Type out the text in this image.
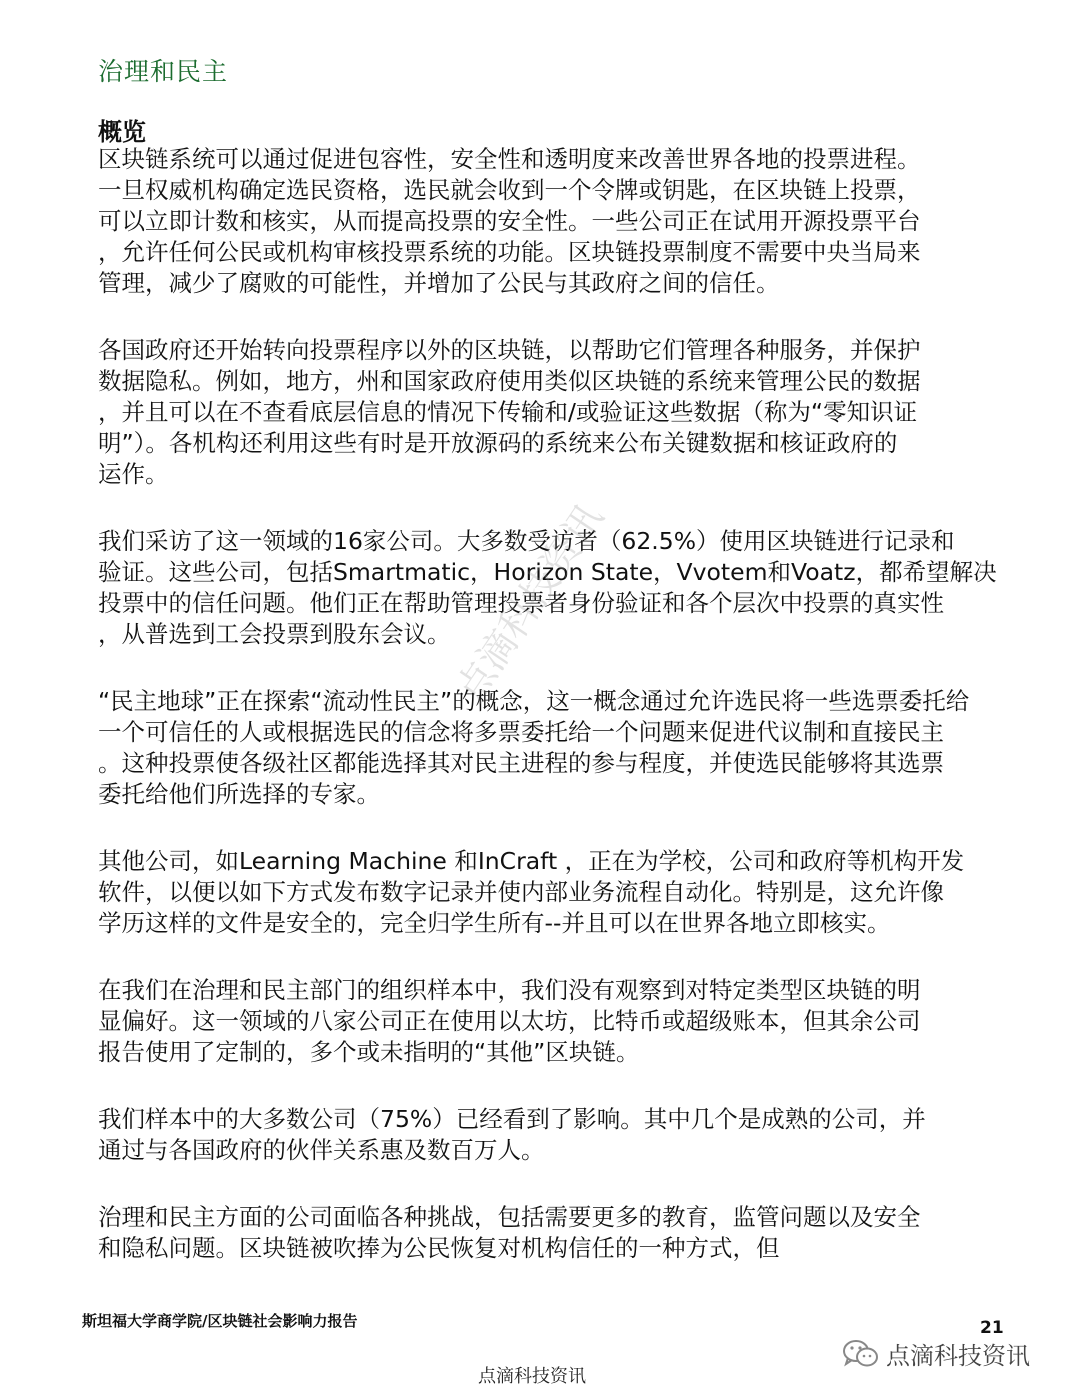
治理和民主
概览

区块链系统可以通过促进包容性，安全性和透明度来改善世界各地的投票进程。
一旦权威机构确定选民资格，选民就会收到一个令牌或钥匙，在区块链上投票，
可以立即计数和核实，从而提高投票的安全性。一些公司正在试用开源投票平台
，允许任何公民或机构审核投票系统的功能。区块链投票制度不需要中央当局来
管理，减少了腐败的可能性，并增加了公民与其政府之间的信任。

各国政府还开始转向投票程序以外的区块链，以帮助它们管理各种服务，并保护
数据隐私。例如，地方，州和国家政府使用类似区块链的系统来管理公民的数据
，并且可以在不查看底层信息的情况下传输和/或验证这些数据（称为“零知识证
明”）。各机构还利用这些有时是开放源码的系统来公布关键数据和核证政府的
运作。

我们采访了这一领域的16家公司。大多数受访者（62.5%）使用区块链进行记录和
验证。这些公司，包括Smartmatic，Horizon State，Vvotem和Voatz，都希望解决
投票中的信任问题。他们正在帮助管理投票者身份验证和各个层次中投票的真实性
，从普选到工会投票到股东会议。

“民主地球”正在探索“流动性民主”的概念，这一概念通过允许选民将一些选票委托给
一个可信任的人或根据选民的信念将多票委托给一个问题来促进代议制和直接民主
。这种投票使各级社区都能选择其对民主进程的参与程度，并使选民能够将其选票
委托给他们所选择的专家。

其他公司，如Learning Machine 和InCraft ，正在为学校，公司和政府等机构开发
软件，以便以如下方式发布数字记录并使内部业务流程自动化。特别是，这允许像
学历这样的文件是安全的，完全归学生所有--并且可以在世界各地立即核实。

在我们在治理和民主部门的组织样本中，我们没有观察到对特定类型区块链的明
显偏好。这一领域的八家公司正在使用以太坊，比特币或超级账本，但其余公司
报告使用了定制的，多个或未指明的“其他”区块链。

我们样本中的大多数公司（75%）已经看到了影响。其中几个是成熟的公司，并
通过与各国政府的伙伴关系惠及数百万人。

治理和民主方面的公司面临各种挑战，包括需要更多的教育，监管问题以及安全
和隐私问题。区块链被吹捧为公民恢复对机构信任的一种方式，但

点滴科技资讯
斯坦福大学商学院/区块链社会影响力报告	21
点滴科技资讯
点滴科技资讯
